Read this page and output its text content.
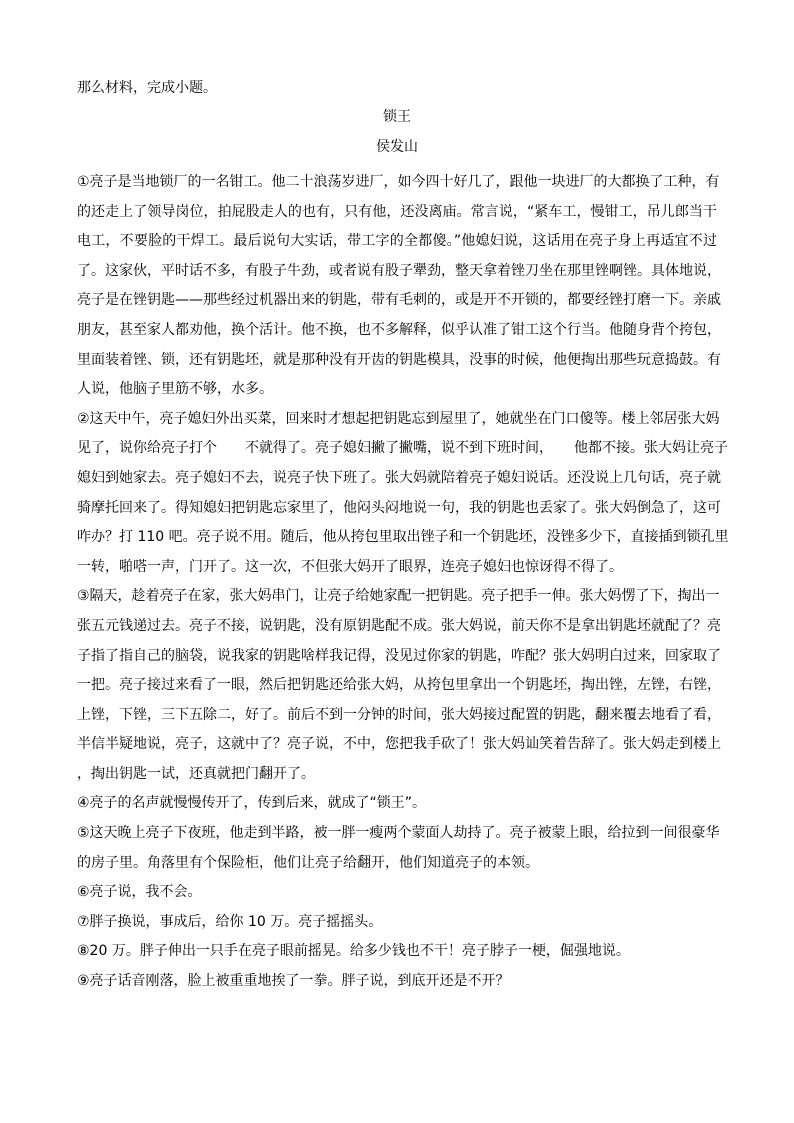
那么材料，完成小题。
锁王
侯发山
①亮子是当地锁厂的一名钳工。他二十浪荡岁进厂，如今四十好几了，跟他一块进厂的大都换了工种，有
的还走上了领导岗位，拍屁股走人的也有，只有他，还没离庙。常言说，“紧车工，慢钳工，吊儿郎当干
电工，不要脸的干焊工。最后说句大实话，带工字的全都傻。”他媳妇说，这话用在亮子身上再适宜不过
了。这家伙，平时话不多，有股子牛劲，或者说有股子犟劲，整天拿着锉刀坐在那里锉啊锉。具体地说，
亮子是在锉钥匙——那些经过机器出来的钥匙，带有毛刺的，或是开不开锁的，都要经锉打磨一下。亲戚
朋友，甚至家人都劝他，换个活计。他不换，也不多解释，似乎认准了钳工这个行当。他随身背个挎包，
里面装着锉、锁，还有钥匙坯，就是那种没有开齿的钥匙模具，没事的时候，他便掏出那些玩意捣鼓。有
人说，他脑子里筋不够，水多。
②这天中午，亮子媳妇外出买菜，回来时才想起把钥匙忘到屋里了，她就坐在门口傻等。楼上邻居张大妈
见了，说你给亮子打个　　不就得了。亮子媳妇撇了撇嘴，说不到下班时间，　　他都不接。张大妈让亮子
媳妇到她家去。亮子媳妇不去，说亮子快下班了。张大妈就陪着亮子媳妇说话。还没说上几句话，亮子就
骑摩托回来了。得知媳妇把钥匙忘家里了，他闷头闷地说一句，我的钥匙也丢家了。张大妈倒急了，这可
咋办？打 110 吧。亮子说不用。随后，他从挎包里取出锉子和一个钥匙坯，没锉多少下，直接插到锁孔里
一转，啪嗒一声，门开了。这一次，不但张大妈开了眼界，连亮子媳妇也惊讶得不得了。
③隔天，趁着亮子在家，张大妈串门，让亮子给她家配一把钥匙。亮子把手一伸。张大妈愣了下，掏出一
张五元钱递过去。亮子不接，说钥匙，没有原钥匙配不成。张大妈说，前天你不是拿出钥匙坯就配了？亮
子指了指自己的脑袋，说我家的钥匙啥样我记得，没见过你家的钥匙，咋配？张大妈明白过来，回家取了
一把。亮子接过来看了一眼，然后把钥匙还给张大妈，从挎包里拿出一个钥匙坯，掏出锉，左锉，右锉，
上锉，下锉，三下五除二，好了。前后不到一分钟的时间，张大妈接过配置的钥匙，翻来覆去地看了看，
半信半疑地说，亮子，这就中了？亮子说，不中，您把我手砍了！张大妈讪笑着告辞了。张大妈走到楼上
，掏出钥匙一试，还真就把门翻开了。
④亮子的名声就慢慢传开了，传到后来，就成了“锁王”。
⑤这天晚上亮子下夜班，他走到半路，被一胖一瘦两个蒙面人劫持了。亮子被蒙上眼，给拉到一间很豪华
的房子里。角落里有个保险柜，他们让亮子给翻开，他们知道亮子的本领。
⑥亮子说，我不会。
⑦胖子换说，事成后，给你 10 万。亮子摇摇头。
⑧20 万。胖子伸出一只手在亮子眼前摇晃。给多少钱也不干！亮子脖子一梗，倔强地说。
⑨亮子话音刚落，脸上被重重地挨了一拳。胖子说，到底开还是不开？
